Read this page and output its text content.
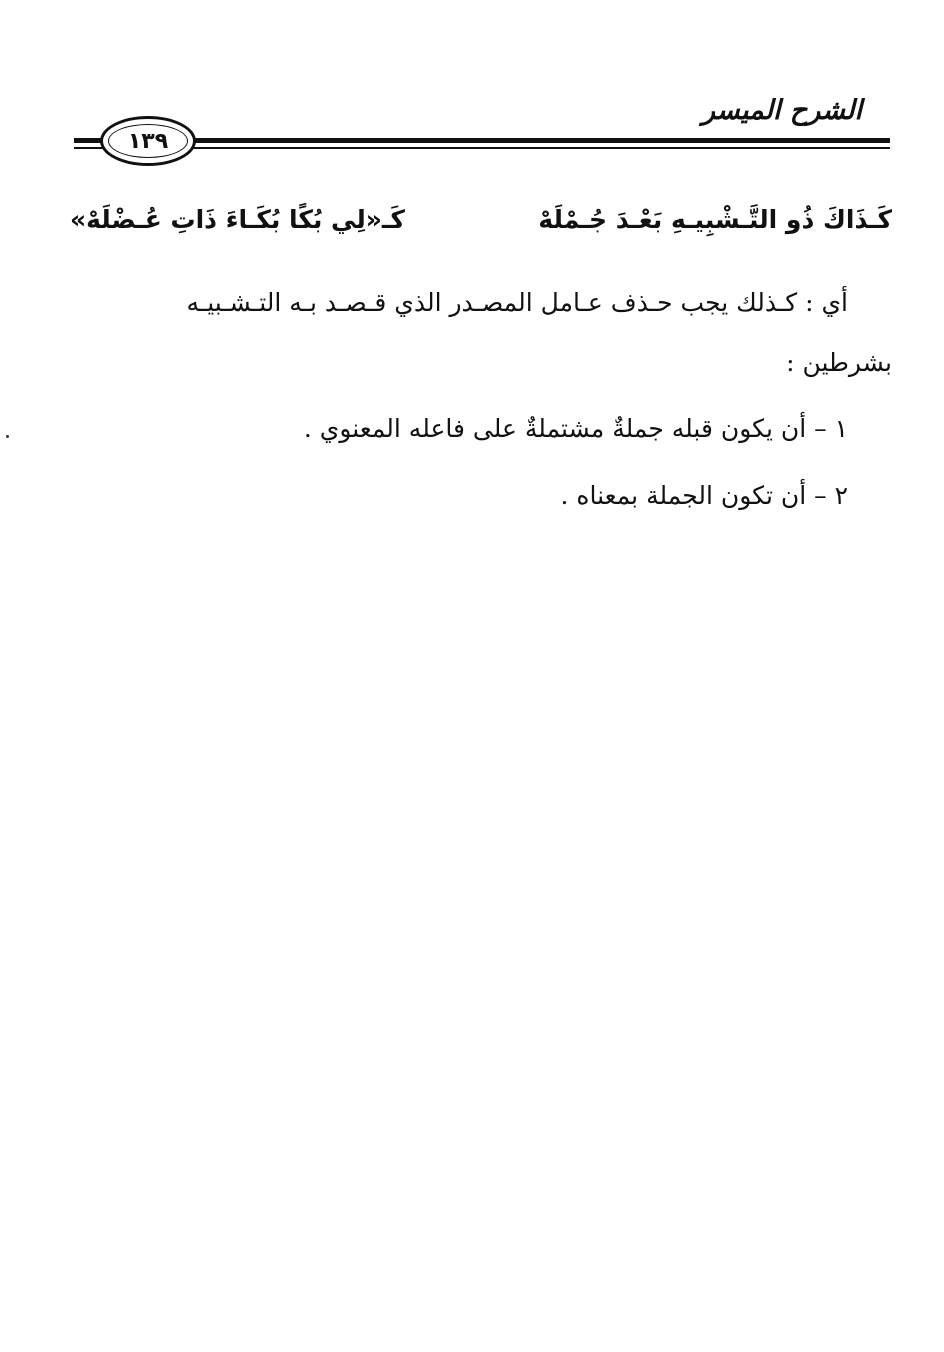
الشرح الميسر
١٣٩
كَـذَاكَ ذُو التَّـشْبِيـهِ بَعْـدَ جُـمْلَهْ
كَـ«لِي بُكًا بُكَـاءَ ذَاتِ عُـضْلَهْ»
أي : كـذلك يجب حـذف عـامل المصـدر الذي قـصـد بـه التـشـبيـه
بشرطين :
١ – أن يكون قبله جملةٌ مشتملةٌ على فاعله المعنوي .
٢ – أن تكون الجملة بمعناه .
